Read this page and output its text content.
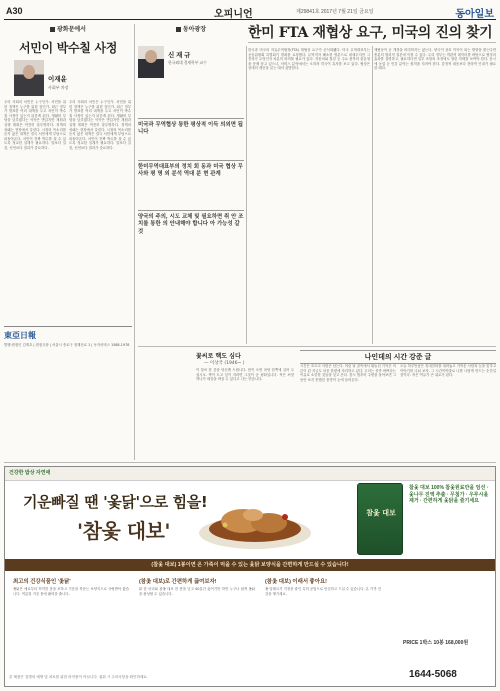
A30	오피니언	제29841호 2017년 7월 21일 금요일	동아일보
광화문에서
서민이 박수칠 사정
이재윤
사회부 차장
우리 사회의 서민은 누구인가. 서민을 위한 정책은 누구를 위한 것인가. 최근 정부가 발표한 여러 대책을 두고 서민이 박수칠 사정이 있는지 되묻게 된다. 생활비 부담을 낮추겠다는 약속은 반갑지만 재원과 실행 계획은 여전히 불투명하다. 정책의 성패는 현장에서 갈린다. 시장의 목소리를 듣지 않은 대책은 결국 서민에게 부담으로 되돌아온다. 서민이 진짜 박수를 칠 수 있도록 정교한 설계가 필요하다. 말보다 실천, 선언보다 결과가 중요하다.
우리 사회의 서민은 누구인가. 서민을 위한 정책은 누구를 위한 것인가. 최근 정부가 발표한 여러 대책을 두고 서민이 박수칠 사정이 있는지 되묻게 된다. 생활비 부담을 낮추겠다는 약속은 반갑지만 재원과 실행 계획은 여전히 불투명하다. 정책의 성패는 현장에서 갈린다. 시장의 목소리를 듣지 않은 대책은 결국 서민에게 부담으로 되돌아온다. 서민이 진짜 박수를 칠 수 있도록 정교한 설계가 필요하다. 말보다 실천, 선언보다 결과가 중요하다.
東亞日報
발행·편집인 김재호 | 편집국장 | 서울시 종로구 청계천로 1 | 독자서비스 1588-1978
동아광장	한미 FTA 재협상 요구, 미국의 진의 찾기
신 재 규
한국외대 경제학부 교수
미국과 무역협상 통한 평상적 이득 의외면 됩니다
한미무역대표부의 정치 회 동과 미국 협상 무사와 평 명 외 분석 역대 분 현 관계
양국의 주의, 시도 교체 및 필요하면 취 안 조치를 통한 의 안내해야 합니다 아 가능성 갈 것
한국과 미국의 자유무역협정(FTA) 재협상 요구가 공식화됐다. 미국 무역대표부는 공동위원회 특별회기 개최를 요청했다. 무역적자 해소를 명분으로 내세우지만 그 진의가 무엇인지 차분히 따져볼 필요가 있다. 자동차와 철강 등 주요 품목의 불균형을 문제 삼고 있으나, 서비스 분야에서는 오히려 미국이 흑자를 보고 있다. 협상은 상대의 계산을 읽는 데서 출발한다.
재협상이 곧 개정을 의미하지는 않는다. 양국이 상호 이익이 되는 방향을 찾는다면 충분히 합리적 결론에 이를 수 있다. 우리 정부는 객관적 데이터를 바탕으로 협정의 효과를 설명하고, 필요하다면 일부 조항의 조정에도 열린 자세를 보여야 한다. 동시에 농업 등 민감 분야는 원칙을 지켜야 한다. 감정적 대응보다 전략적 인내가 필요한 때다.
꽃씨로 핵도 심다
— 이상국 (1946~ )
이 꽃씨 한 줌을 당신께 드립니다. 봄이 오면 마당 한쪽에 심어 두십시오. 싹이 트고 잎이 자라면 그것이 곧 평화입니다. 작은 씨앗 하나가 세상을 바꿀 수 있다고 나는 믿습니다.
나인데의 시간 강준 글
시간은 흐르고 사람은 남는다. 어린 날 골목에서 뛰놀던 기억은 어른이 된 지금도 마음 한편에 자리하고 있다. 우리는 종종 바쁘다는 이유로 소중한 것들을 잊고 산다. 잠시 멈추어 주변을 돌아보면 그동안 보지 못했던 풍경이 눈에 들어온다.
오늘 하루만큼은 휴대전화를 내려놓고 가까운 사람과 눈을 맞추고 이야기를 나눠 보자. 그 시간이야말로 나를 나답게 만드는 순간일 것이다. 작은 여유가 큰 위로가 된다.
건강한 밥상 자연애
기운빠질 땐 '옻닭'으로 힘을!
'참옻 대보'
참옻 대보
참옻 대보 100% 참옻원료만을 엄선 · 옻나무 진액 추출 · 무첨가 · 우루시올 제거 · 간편하게 옻닭을 즐기세요
(참옻 대보) 1봉이면 온 가족이 먹을 수 있는 옻닭 보양식을 간편하게 만드실 수 있습니다!
최고의 건강식품인 '옻닭'
옻닭은 예로부터 허약한 몸을 보하고 기운을 북돋는 보양식으로 사랑받아 왔습니다. 여름철 지친 몸에 활력을 줍니다.
(참옻 대보)로 간편하게 끓여보자!
닭 한 마리와 참옻 대보 한 봉을 넣고 40분간 끓이기만 하면 누구나 쉽게 옻닭을 완성할 수 있습니다.
(참옻 대보) 이래서 좋아요!
옻 알레르기 걱정을 줄인 특허 공법으로 안심하고 드실 수 있습니다. 온 가족 건강을 챙기세요.
PRICE 1박스 10봉 168,000원
1644-5068
본 제품은 질병의 예방 및 치료를 위한 의약품이 아닙니다. 섭취 시 주의사항을 확인하세요.
